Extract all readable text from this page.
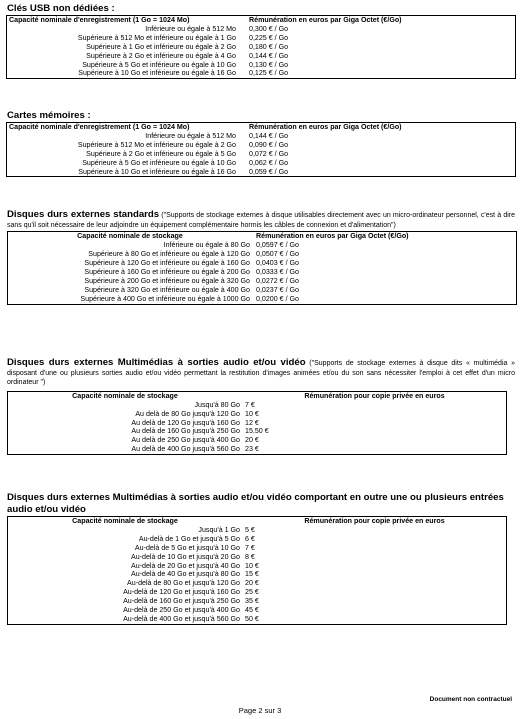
Clés USB non dédiées :
Capacité nominale d'enregistrement (1 Go = 1024 Mo)	Rémunération en euros par Giga Octet (€/Go)
Inférieure ou égale à 512 Mo	0,300 € / Go
Supérieure à 512 Mo et inférieure ou égale à 1 Go	0,225 € / Go
Supérieure à 1 Go et inférieure ou égale à 2 Go	0,180 € / Go
Supérieure à 2 Go et inférieure ou égale à 4 Go	0,144 € / Go
Supérieure à 5 Go et inférieure ou égale à 10 Go	0,130 € / Go
Supérieure à 10 Go et inférieure ou égale à 16 Go	0,125 € / Go
Cartes mémoires :
Capacité nominale d'enregistrement (1 Go = 1024 Mo)	Rémunération en euros par Giga Octet (€/Go)
Inférieure ou égale à 512 Mo	0,144 € / Go
Supérieure à 512 Mo et inférieure ou égale à 2 Go	0,090 € / Go
Supérieure à 2 Go et inférieure ou égale à 5 Go	0,072 € / Go
Supérieure à 5 Go et inférieure ou égale à 10 Go	0,062 € / Go
Supérieure à 10 Go et inférieure ou égale à 16 Go	0,059 € / Go
Disques durs externes standards ("Supports de stockage externes à disque utilisables directement avec un micro-ordinateur personnel, c'est à dire sans qu'il soit nécessaire de leur adjoindre un équipement complémentaire hormis les câbles de connexion et d'alimentation")
Capacité nominale de stockage	Rémunération en euros par Giga Octet (€/Go)
Inférieure ou égale à 80 Go	0,0597 € / Go
Supérieure à 80 Go et inférieure ou égale à 120 Go	0,0507 € / Go
Supérieure à 120 Go et inférieure ou égale à 160 Go	0,0403 € / Go
Supérieure à 160 Go et inférieure ou égale à 200 Go	0,0333 € / Go
Supérieure à 200 Go et inférieure ou égale à 320 Go	0,0272 € / Go
Supérieure à 320 Go et inférieure ou égale à 400 Go	0,0237 € / Go
Supérieure à 400 Go et inférieure ou égale à 1000 Go	0,0200 € / Go
Disques durs externes Multimédias à sorties audio et/ou vidéo ("Supports de stockage externes à disque dits « multimédia » disposant d'une ou plusieurs sorties audio et/ou vidéo permettant la restitution d'images animées et/ou du son sans nécessiter l'emploi à cet effet d'un micro ordinateur ")
Capacité nominale de stockage	Rémunération pour copie privée en euros
Jusqu'à 80 Go	7 €
Au delà de 80 Go jusqu'à 120 Go	10 €
Au delà de 120 Go jusqu'à 160 Go	12 €
Au delà de 160 Go jusqu'à 250 Go	15.50 €
Au delà de 250 Go jusqu'à 400 Go	20 €
Au delà de 400 Go jusqu'à 560 Go	23 €
Disques durs externes Multimédias à sorties audio et/ou vidéo comportant en outre une ou plusieurs entrées audio et/ou vidéo
Capacité nominale de stockage	Rémunération pour copie privée en euros
Jusqu'à 1 Go	5 €
Au-delà de 1 Go et jusqu'à 5 Go	6 €
Au-delà de 5 Go et jusqu'à 10 Go	7 €
Au-delà de 10 Go et jusqu'à 20 Go	8 €
Au-delà de 20 Go et jusqu'à 40 Go	10 €
Au-delà de 40 Go et jusqu'à 80 Go	15 €
Au-delà de 80 Go et jusqu'à 120 Go	20 €
Au-delà de 120 Go et jusqu'à 160 Go	25 €
Au-delà de 160 Go et jusqu'à 250 Go	35 €
Au-delà de 250 Go et jusqu'à 400 Go	45 €
Au-delà de 400 Go et jusqu'à 560 Go	50 €
Document non contractuel
Page 2 sur 3
